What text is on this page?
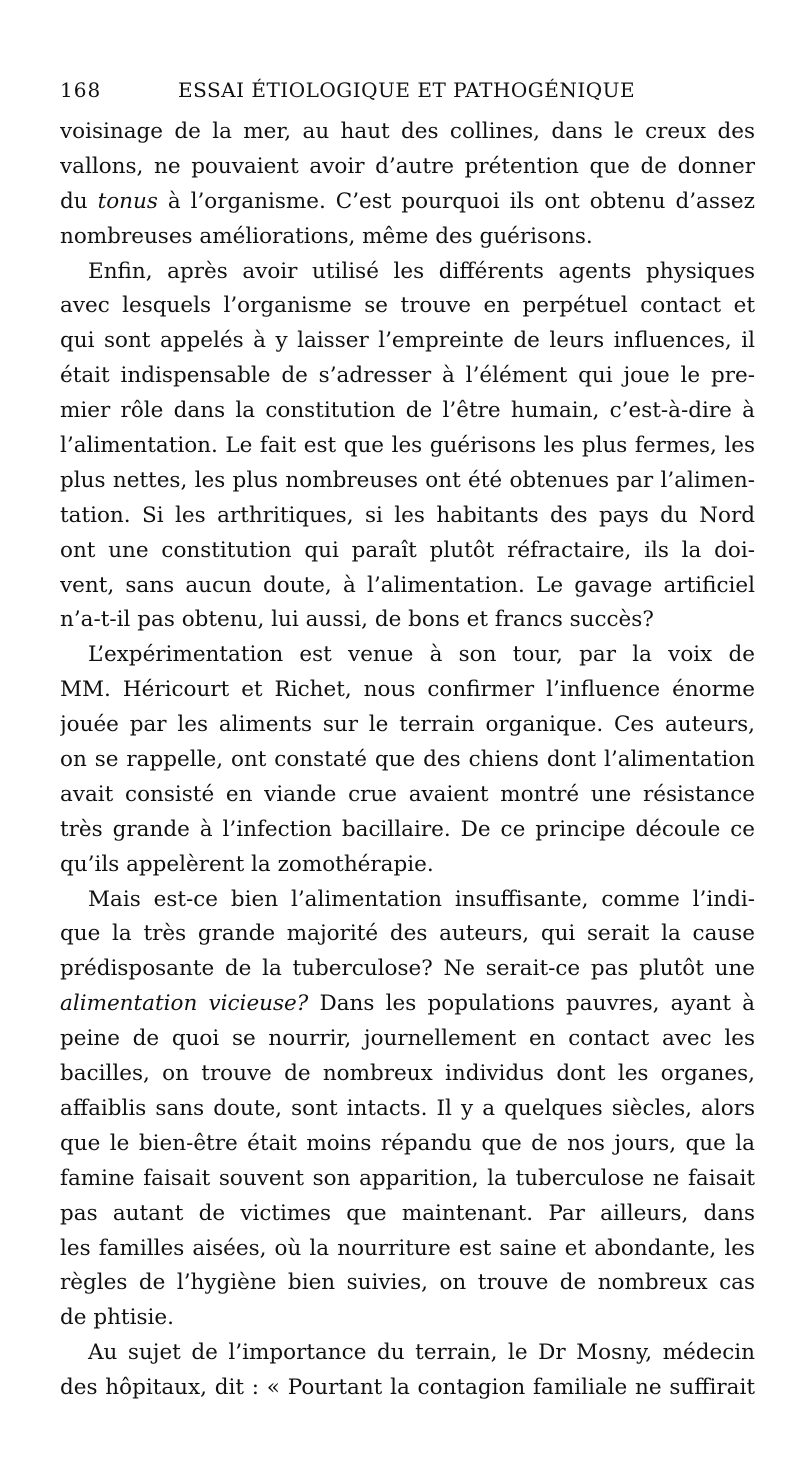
168	ESSAI ÉTIOLOGIQUE ET PATHOGÉNIQUE
voisinage de la mer, au haut des collines, dans le creux des
vallons, ne pouvaient avoir d’autre prétention que de donner
du tonus à l’organisme. C’est pourquoi ils ont obtenu d’assez
nombreuses améliorations, même des guérisons.
Enfin, après avoir utilisé les différents agents physiques
avec lesquels l’organisme se trouve en perpétuel contact et
qui sont appelés à y laisser l’empreinte de leurs influences, il
était indispensable de s’adresser à l’élément qui joue le pre-
mier rôle dans la constitution de l’être humain, c’est-à-dire à
l’alimentation. Le fait est que les guérisons les plus fermes, les
plus nettes, les plus nombreuses ont été obtenues par l’alimen-
tation. Si les arthritiques, si les habitants des pays du Nord
ont une constitution qui paraît plutôt réfractaire, ils la doi-
vent, sans aucun doute, à l’alimentation. Le gavage artificiel
n’a-t-il pas obtenu, lui aussi, de bons et francs succès?
L’expérimentation est venue à son tour, par la voix de
MM. Héricourt et Richet, nous confirmer l’influence énorme
jouée par les aliments sur le terrain organique. Ces auteurs,
on se rappelle, ont constaté que des chiens dont l’alimentation
avait consisté en viande crue avaient montré une résistance
très grande à l’infection bacillaire. De ce principe découle ce
qu’ils appelèrent la zomothérapie.
Mais est-ce bien l’alimentation insuffisante, comme l’indi-
que la très grande majorité des auteurs, qui serait la cause
prédisposante de la tuberculose? Ne serait-ce pas plutôt une
alimentation vicieuse? Dans les populations pauvres, ayant à
peine de quoi se nourrir, journellement en contact avec les
bacilles, on trouve de nombreux individus dont les organes,
affaiblis sans doute, sont intacts. Il y a quelques siècles, alors
que le bien-être était moins répandu que de nos jours, que la
famine faisait souvent son apparition, la tuberculose ne faisait
pas autant de victimes que maintenant. Par ailleurs, dans
les familles aisées, où la nourriture est saine et abondante, les
règles de l’hygiène bien suivies, on trouve de nombreux cas
de phtisie.
Au sujet de l’importance du terrain, le Dr Mosny, médecin
des hôpitaux, dit : « Pourtant la contagion familiale ne suffirait
